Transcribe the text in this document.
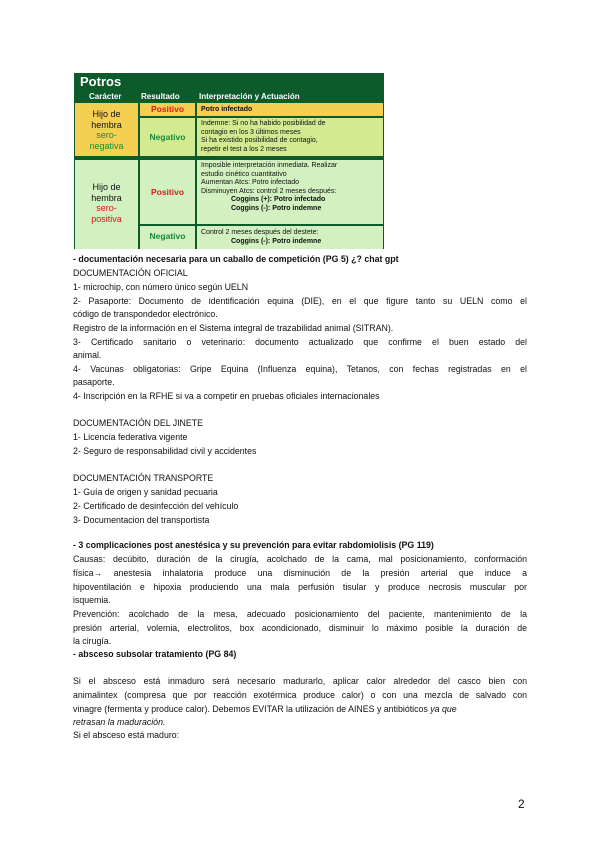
Potros
Carácter Resultado Interpretación y Actuación
Hijo de
hembra
sero-
negativa
Positivo	Potro infectado
Negativo
Indemne: Si no ha habido posibilidad de
contagio en los 3 últimos meses
Si ha existido posibilidad de contagio,
repetir el test a los 2 meses
Hijo de
hembra
sero-
positiva
Positivo
Imposible interpretación inmediata. Realizar
estudio cinético cuantitativo
Aumentan Atcs: Potro infectado
Disminuyen Atcs: control 2 meses después:
Coggins (+): Potro infectado
Coggins (-): Potro indemne
Negativo	Control 2 meses después del destete:
Coggins (-): Potro indemne
- documentación necesaria para un caballo de competición (PG 5) ¿? chat gpt
DOCUMENTACIÓN OFICIAL
1- microchip, con número único según UELN
2- Pasaporte: Documento de identificación equina (DIE), en el que figure tanto su UELN como el
código de transpondedor electrónico.
Registro de la información en el Sistema integral de trazabilidad animal (SITRAN).
3- Certificado sanitario o veterinario: documento actualizado que confirme el buen estado del
animal.
4- Vacunas obligatorias: Gripe Equina (Influenza equina), Tetanos, con fechas registradas en el
pasaporte.
4- Inscripción en la RFHE si va a competir en pruebas oficiales internacionales
DOCUMENTACIÓN DEL JINETE
1- Licencia federativa vigente
2- Seguro de responsabilidad civil y accidentes
DOCUMENTACIÓN TRANSPORTE
1- Guía de origen y sanidad pecuaria
2- Certificado de desinfección del vehículo
3- Documentacion del transportista
- 3 complicaciones post anestésica y su prevención para evitar rabdomiolisis (PG 119)
Causas: decúbito, duración de la cirugía, acolchado de la cama, mal posicionamiento, conformación
física→ anestesia inhalatoria produce una disminución de la presión arterial que induce a
hipoventilación e hipoxia produciendo una mala perfusión tisular y produce necrosis muscular por
isquemia.
Prevención: acolchado de la mesa, adecuado posicionamiento del paciente, mantenimiento de la
presión arterial, volemia, electrolitos, box acondicionado, disminuir lo máximo posible la duración de
la cirugía.
- absceso subsolar tratamiento (PG 84)
Si el absceso está inmaduro será necesario madurarlo, aplicar calor alrededor del casco bien con
animalintex (compresa que por reacción exotérmica produce calor) o con una mezcla de salvado con
vinagre (fermenta y produce calor). Debemos EVITAR la utilización de AINES y antibióticos ya que
retrasan la maduración.
Si el absceso está maduro:
2
